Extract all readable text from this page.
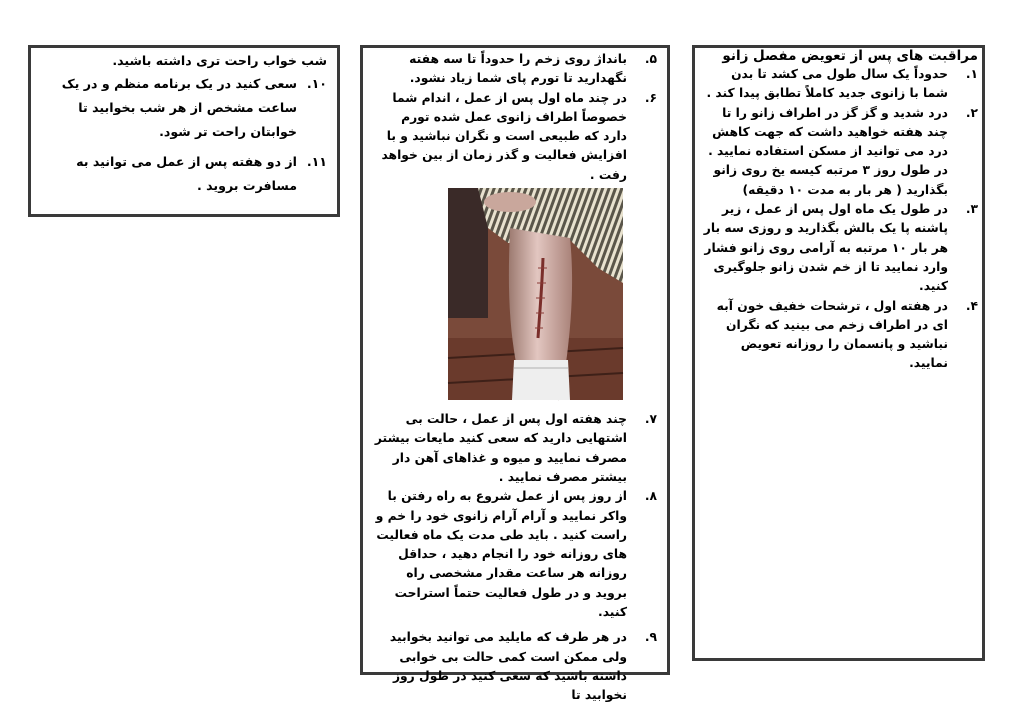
مراقبت های پس از تعویض مفصل زانو

۱.
حدوداً یک سال طول می کشد تا بدن شما با زانوی جدید کاملاً تطابق پیدا کند .
۲.
درد شدید و گز گز در اطراف زانو را تا چند هفته خواهید داشت که جهت کاهش درد می توانید از مسکن استفاده نمایید . در طول روز ۳ مرتبه کیسه یخ روی زانو بگذارید ( هر بار به مدت ۱۰ دقیقه)
۳.
در طول یک ماه اول پس از عمل ، زیر پاشنه پا یک بالش بگذارید و روزی سه بار هر بار ۱۰ مرتبه به آرامی روی زانو فشار وارد نمایید تا از خم شدن زانو جلوگیری کنید.
۴.
در هفته اول ، ترشحات خفیف خون آبه ای در اطراف زخم می بینید که نگران نباشید و پانسمان را روزانه تعویض نمایید.
۵.
بانداژ روی زخم را حدوداً تا سه هفته نگهدارید تا تورم پای شما زیاد نشود.
۶.
در چند ماه اول پس از عمل ، اندام شما خصوصاً اطراف زانوی عمل شده تورم دارد که طبیعی است و نگران نباشید و با افزایش فعالیت و گذر زمان از بین خواهد رفت .
۷.
چند هفته اول پس از عمل ، حالت بی اشتهایی دارید که سعی کنید مایعات بیشتر مصرف نمایید و میوه و غذاهای آهن دار بیشتر مصرف نمایید .
۸.
از روز پس از عمل شروع به راه رفتن با واکر نمایید و آرام آرام زانوی خود را خم و راست کنید . باید طی مدت یک ماه فعالیت های روزانه خود را انجام دهید ، حداقل روزانه هر ساعت مقدار مشخصی راه بروید و در طول فعالیت حتماً استراحت کنید.
۹.
در هر طرف که مایلید می توانید بخوابید ولی ممکن است کمی حالت بی خوابی داشته باشید که سعی کنید در طول روز نخوابید تا
شب خواب راحت تری داشته باشید.
۱۰.
سعی کنید در یک برنامه منظم و در یک ساعت مشخص از هر شب بخوابید تا خوابتان راحت تر شود.
۱۱.
از دو هفته پس از عمل می توانید به مسافرت بروید .
